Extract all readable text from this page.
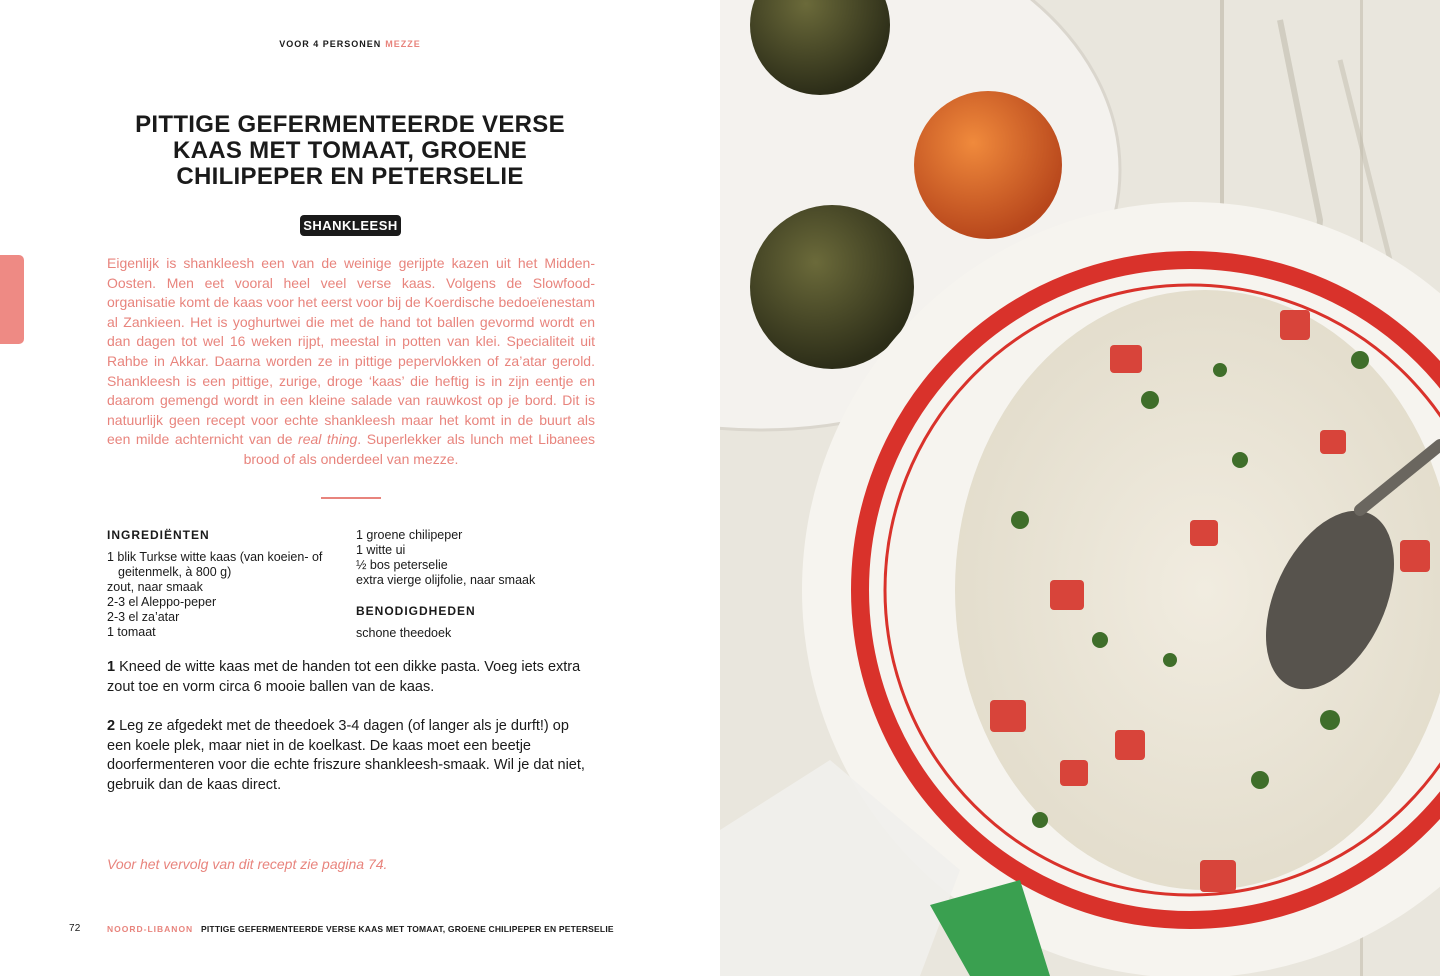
VOOR 4 PERSONEN MEZZE
PITTIGE GEFERMENTEERDE VERSE KAAS MET TOMAAT, GROENE CHILIPEPER EN PETERSELIE
SHANKLEESH

Eigenlijk is shankleesh een van de weinige gerijpte kazen uit het Midden-Oosten. Men eet vooral heel veel verse kaas. Volgens de Slowfood-organisatie komt de kaas voor het eerst voor bij de Koerdische bedoeïenestam al Zankieen. Het is yoghurtwei die met de hand tot ballen gevormd wordt en dan dagen tot wel 16 weken rijpt, meestal in potten van klei. Specialiteit uit Rahbe in Akkar. Daarna worden ze in pittige pepervlokken of za’atar gerold. Shankleesh is een pittige, zurige, droge ‘kaas’ die heftig is in zijn eentje en daarom gemengd wordt in een kleine salade van rauwkost op je bord. Dit is natuurlijk geen recept voor echte shankleesh maar het komt in de buurt als een milde achternicht van de real thing. Superlekker als lunch met Libanees brood of als onderdeel van mezze.

INGREDIËNTEN
1 blik Turkse witte kaas (van koeien- of geitenmelk, à 800 g)
zout, naar smaak
2-3 el Aleppo-peper
2-3 el za’atar
1 tomaat
1 groene chilipeper
1 witte ui
½ bos peterselie
extra vierge olijfolie, naar smaak
BENODIGDHEDEN
schone theedoek

1 Kneed de witte kaas met de handen tot een dikke pasta. Voeg iets extra zout toe en vorm circa 6 mooie ballen van de kaas.

2 Leg ze afgedekt met de theedoek 3-4 dagen (of langer als je durft!) op een koele plek, maar niet in de koelkast. De kaas moet een beetje doorfermenteren voor die echte friszure shankleesh-smaak. Wil je dat niet, gebruik dan de kaas direct.

Voor het vervolg van dit recept zie pagina 74.

72	NOORD-LIBANON PITTIGE GEFERMENTEERDE VERSE KAAS MET TOMAAT, GROENE CHILIPEPER EN PETERSELIE
